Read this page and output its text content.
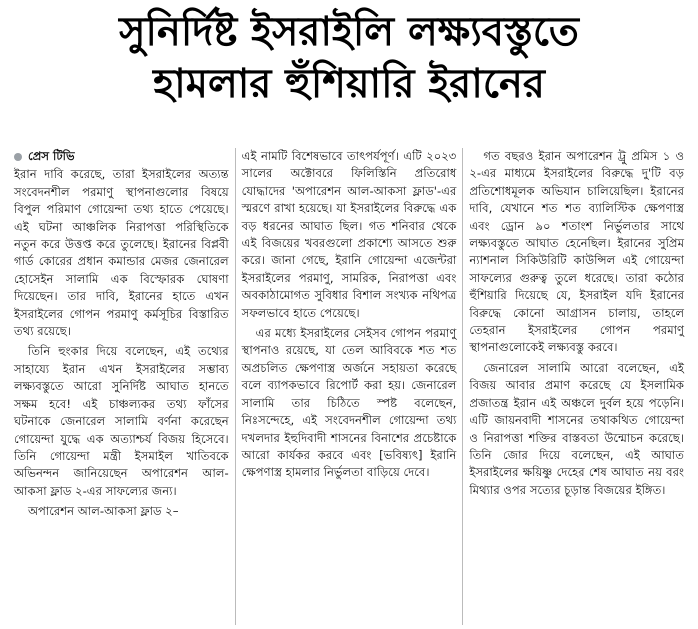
সুনির্দিষ্ট ইসরাইলি লক্ষ্যবস্তুতে
হামলার হুঁশিয়ারি ইরানের
প্রেস টিভি

ইরান দাবি করেছে, তারা ইসরাইলের অত্যন্ত সংবেদনশীল পরমাণু স্থাপনাগুলোর বিষয়ে বিপুল পরিমাণ গোয়েন্দা তথ্য হাতে পেয়েছে। এই ঘটনা আঞ্চলিক নিরাপত্তা পরিস্থিতিকে নতুন করে উত্তপ্ত করে তুলেছে। ইরানের বিপ্লবী গার্ড কোরের প্রধান কমান্ডার মেজর জেনারেল হোসেইন সালামি এক বিস্ফোরক ঘোষণা দিয়েছেন। তার দাবি, ইরানের হাতে এখন ইসরাইলের গোপন পরমাণু কর্মসূচির বিস্তারিত তথ্য রয়েছে।

তিনি হুংকার দিয়ে বলেছেন, এই তথ্যের সাহায্যে ইরান এখন ইসরাইলের সম্ভাব্য লক্ষ্যবস্তুতে আরো সুনির্দিষ্ট আঘাত হানতে সক্ষম হবে! এই চাঞ্চল্যকর তথ্য ফাঁসের ঘটনাকে জেনারেল সালামি বর্ণনা করেছেন গোয়েন্দা যুদ্ধে এক অত্যাশ্চর্য বিজয় হিসেবে। তিনি গোয়েন্দা মন্ত্রী ইসমাইল খাতিবকে অভিনন্দন জানিয়েছেন অপারেশন আল-আকসা ফ্লাড ২-এর সাফল্যের জন্য।

অপারেশন আল-আকসা ফ্লাড ২–

এই নামটি বিশেষভাবে তাৎপর্যপূর্ণ। এটি ২০২৩ সালের অক্টোবরে ফিলিস্তিনি প্রতিরোধ যোদ্ধাদের 'অপারেশন আল-আকসা ফ্লাড'-এর স্মরণে রাখা হয়েছে। যা ইসরাইলের বিরুদ্ধে এক বড় ধরনের আঘাত ছিল। গত শনিবার থেকে এই বিজয়ের খবরগুলো প্রকাশ্যে আসতে শুরু করে। জানা গেছে, ইরানি গোয়েন্দা এজেন্টরা ইসরাইলের পরমাণু, সামরিক, নিরাপত্তা এবং অবকাঠামোগত সুবিধার বিশাল সংখ্যক নথিপত্র সফলভাবে হাতে পেয়েছে।

এর মধ্যে ইসরাইলের সেইসব গোপন পরমাণু স্থাপনাও রয়েছে, যা তেল আবিবকে শত শত অপ্রচলিত ক্ষেপণাস্ত্র অর্জনে সহায়তা করেছে বলে ব্যাপকভাবে রিপোর্ট করা হয়। জেনারেল সালামি তার চিঠিতে স্পষ্ট বলেছেন, নিঃসন্দেহে, এই সংবেদনশীল গোয়েন্দা তথ্য দখলদার ইহুদিবাদী শাসনের বিনাশের প্রচেষ্টাকে আরো কার্যকর করবে এবং [ভবিষ্যৎ] ইরানি ক্ষেপণাস্ত্র হামলার নির্ভুলতা বাড়িয়ে দেবে।

গত বছরও ইরান অপারেশন ট্রু প্রমিস ১ ও ২-এর মাধ্যমে ইসরাইলের বিরুদ্ধে দু'টি বড় প্রতিশোধমূলক অভিযান চালিয়েছিল। ইরানের দাবি, যেখানে শত শত ব্যালিস্টিক ক্ষেপণাস্ত্র এবং ড্রোন ৯০ শতাংশ নির্ভুলতার সাথে লক্ষ্যবস্তুতে আঘাত হেনেছিল। ইরানের সুপ্রিম ন্যাশনাল সিকিউরিটি কাউন্সিল এই গোয়েন্দা সাফল্যের গুরুত্ব তুলে ধরেছে। তারা কঠোর হুঁশিয়ারি দিয়েছে যে, ইসরাইল যদি ইরানের বিরুদ্ধে কোনো আগ্রাসন চালায়, তাহলে তেহরান ইসরাইলের গোপন পরমাণু স্থাপনাগুলোকেই লক্ষ্যবস্তু করবে।

জেনারেল সালামি আরো বলেছেন, এই বিজয় আবার প্রমাণ করেছে যে ইসলামিক প্রজাতন্ত্র ইরান এই অঞ্চলে দুর্বল হয়ে পড়েনি। এটি জায়নবাদী শাসনের তথাকথিত গোয়েন্দা ও নিরাপত্তা শক্তির বাস্তবতা উন্মোচন করেছে। তিনি জোর দিয়ে বলেছেন, এই আঘাত ইসরাইলের ক্ষয়িষ্ণু দেহের শেষ আঘাত নয় বরং মিথ্যার ওপর সত্যের চূড়ান্ত বিজয়ের ইঙ্গিত।
